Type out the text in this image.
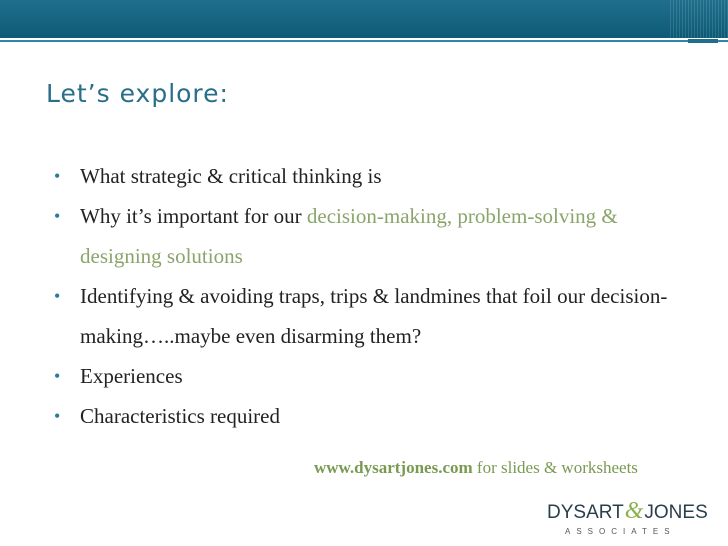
Let’s explore:
• What strategic & critical thinking is
• Why it’s important for our decision-making, problem-solving & designing solutions
• Identifying & avoiding traps, trips & landmines that foil our decision-making…..maybe even disarming them?
• Experiences
• Characteristics required
www.dysartjones.com for slides & worksheets
DYSART&JONES
ASSOCIATES
